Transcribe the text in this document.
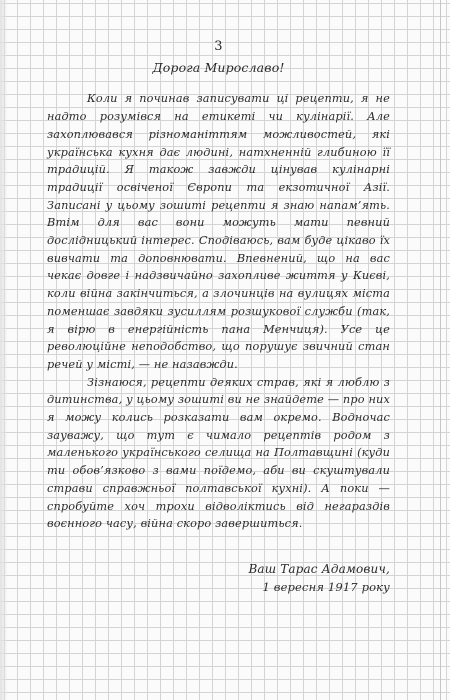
3
Дорога Мирославо!

Коли я починав записувати ці рецепти, я не надто розумівся на етикеті чи кулінарії. Але захоплювався різноманіттям можливостей, які українська кухня дає людині, натхненній глибиною її традицій. Я також завжди цінував кулінарні традиції освіченої Європи та екзотичної Азії. Записані у цьому зошиті рецепти я знаю напам’ять. Втім для вас вони можуть мати певний дослідницький інтерес. Сподіваюсь, вам буде цікаво їх вивчати та доповнювати. Впевнений, що на вас чекає довге і надзвичайно захопливе життя у Києві, коли війна закінчиться, а злочинців на вулицях міста поменшає завдяки зусиллям розшукової служби (так, я вірю в енергійність пана Менчиця). Усе це революційне неподобство, що порушує звичний стан речей у місті, — не назавжди.

Зізнаюся, рецепти деяких страв, які я люблю з дитинства, у цьому зошиті ви не знайдете — про них я можу колись розказати вам окремо. Водночас зауважу, що тут є чимало рецептів родом з маленького українського селища на Полтавщині (куди ти обов’язково з вами поїдемо, аби ви скуштували страви справжньої полтавської кухні). А поки — спробуйте хоч трохи відволіктись від негараздів воєнного часу, війна скоро завершиться.

Ваш Тарас Адамович,
1 вересня 1917 року
